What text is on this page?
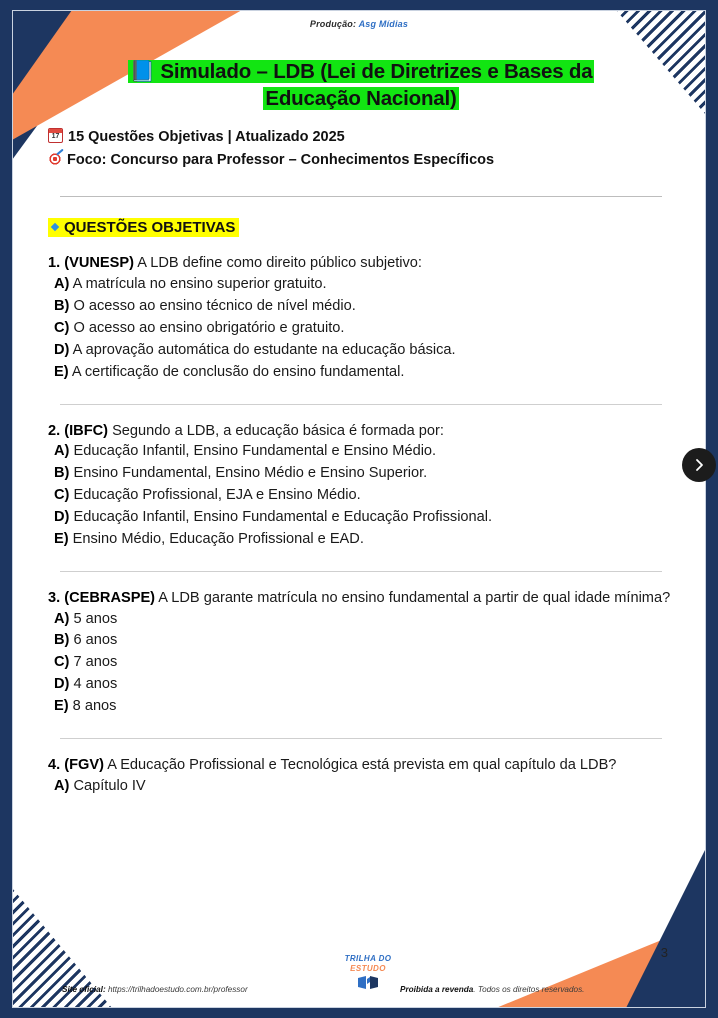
Produção: Asg Mídias
📘 Simulado – LDB (Lei de Diretrizes e Bases da
Educação Nacional)
1715 Questões Objetivas | Atualizado 2025
Foco: Concurso para Professor – Conhecimentos Específicos
QUESTÕES OBJETIVAS

1. (VUNESP) A LDB define como direito público subjetivo:

A) A matrícula no ensino superior gratuito.

B) O acesso ao ensino técnico de nível médio.

C) O acesso ao ensino obrigatório e gratuito.

D) A aprovação automática do estudante na educação básica.

E) A certificação de conclusão do ensino fundamental.

2. (IBFC) Segundo a LDB, a educação básica é formada por:

A) Educação Infantil, Ensino Fundamental e Ensino Médio.

B) Ensino Fundamental, Ensino Médio e Ensino Superior.

C) Educação Profissional, EJA e Ensino Médio.

D) Educação Infantil, Ensino Fundamental e Educação Profissional.

E) Ensino Médio, Educação Profissional e EAD.

3. (CEBRASPE) A LDB garante matrícula no ensino fundamental a partir de qual idade mínima?

A) 5 anos

B) 6 anos

C) 7 anos

D) 4 anos

E) 8 anos

4. (FGV) A Educação Profissional e Tecnológica está prevista em qual capítulo da LDB?

A) Capítulo IV

3
Site oficial: https://trilhadoestudo.com.br/professor
TRILHA DO
ESTUDO
Proibida a revenda. Todos os direitos reservados.
